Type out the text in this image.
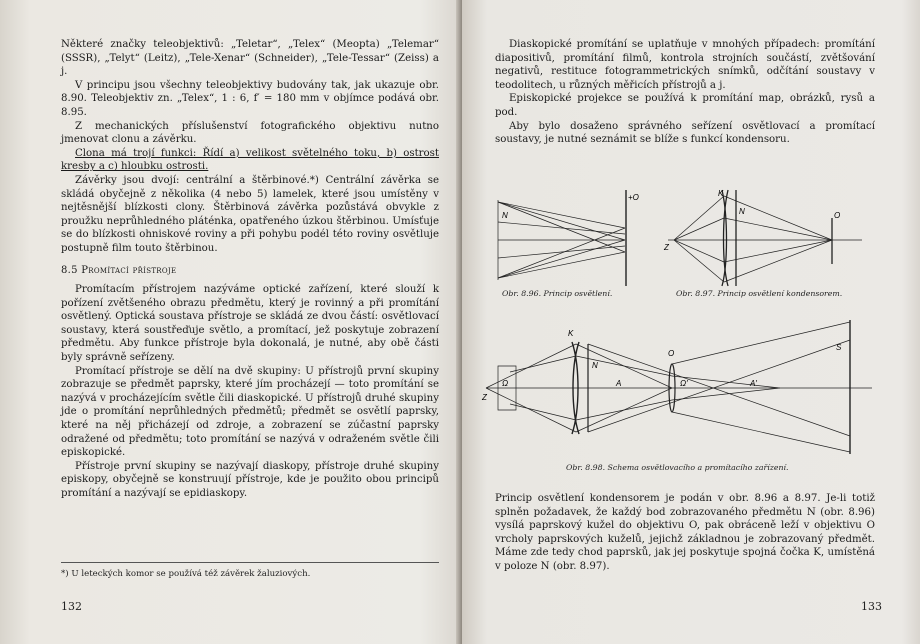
Některé značky teleobjektivů: „Teletar“, „Telex“ (Meopta) „Telemar“ (SSSR), „Telyt“ (Leitz), „Tele-Xenar“ (Schneider), „Tele-Tessar“ (Zeiss) a j.

V principu jsou všechny teleobjektivy budovány tak, jak ukazuje obr. 8.90. Teleobjektiv zn. „Telex“, 1 : 6, f′ = 180 mm v objímce podává obr. 8.95.

Z mechanických příslušenství fotografického objektivu nutno jmenovat clonu a závěrku.

Clona má trojí funkci: Řídí a) velikost světelného toku, b) ostrost kresby a c) hloubku ostrosti.

Závěrky jsou dvojí: centrální a štěrbinové.*) Centrální závěrka se skládá obyčejně z několika (4 nebo 5) lamelek, které jsou umístěny v nejtěsnější blízkosti clony. Štěrbinová závěrka pozůstává obvykle z proužku neprůhledného pláténka, opatřeného úzkou štěrbinou. Umísťuje se do blízkosti ohniskové roviny a při pohybu podél této roviny osvětluje postupně film touto štěrbinou.

8.5 Promítací přístroje

Promítacím přístrojem nazýváme optické zařízení, které slouží k pořízení zvětšeného obrazu předmětu, který je rovinný a při promítání osvětlený. Optická soustava přístroje se skládá ze dvou částí: osvětlovací soustavy, která soustřeďuje světlo, a promítací, jež poskytuje zobrazení předmětu. Aby funkce přístroje byla dokonalá, je nutné, aby obě části byly správně seřízeny.

Promítací přístroje se dělí na dvě skupiny: U přístrojů první skupiny zobrazuje se předmět paprsky, které jím procházejí — toto promítání se nazývá v procházejícím světle čili diaskopické. U přístrojů druhé skupiny jde o promítání neprůhledných předmětů; předmět se osvětlí paprsky, které na něj přicházejí od zdroje, a zobrazení se zúčastní paprsky odražené od předmětu; toto promítání se nazývá v odraženém světle čili episkopické.

Přístroje první skupiny se nazývají diaskopy, přístroje druhé skupiny episkopy, obyčejně se konstruují přístroje, kde je použito obou principů promítání a nazývají se epidiaskopy.

*) U leteckých komor se používá též závěrek žaluziových.
132

Diaskopické promítání se uplatňuje v mnohých případech: promítání diapositivů, promítání filmů, kontrola strojních součástí, zvětšování negativů, restituce fotogrammetrických snímků, odčítání soustavy v teodolitech, u různých měřicích přístrojů a j.

Episkopické projekce se používá k promítání map, obrázků, rysů a pod.

Aby bylo dosaženo správného seřízení osvětlovací a promítací soustavy, je nutné seznámit se blíže s funkcí kondensoru.

N
+O
Obr. 8.96. Princip osvětlení.
K
N	O
Z
Obr. 8.97. Princip osvětlení kondensorem.
Z
Ω
K
N
A
O
Ω′	A′
S
Obr. 8.98. Schema osvětlovacího a promítacího zařízení.
Princip osvětlení kondensorem je podán v obr. 8.96 a 8.97. Je-li totiž splněn požadavek, že každý bod zobrazovaného předmětu N (obr. 8.96) vysílá paprskový kužel do objektivu O, pak obráceně leží v objektivu O vrcholy paprskových kuželů, jejichž základnou je zobrazovaný předmět. Máme zde tedy chod paprsků, jak jej poskytuje spojná čočka K, umístěná v poloze N (obr. 8.97).
133
